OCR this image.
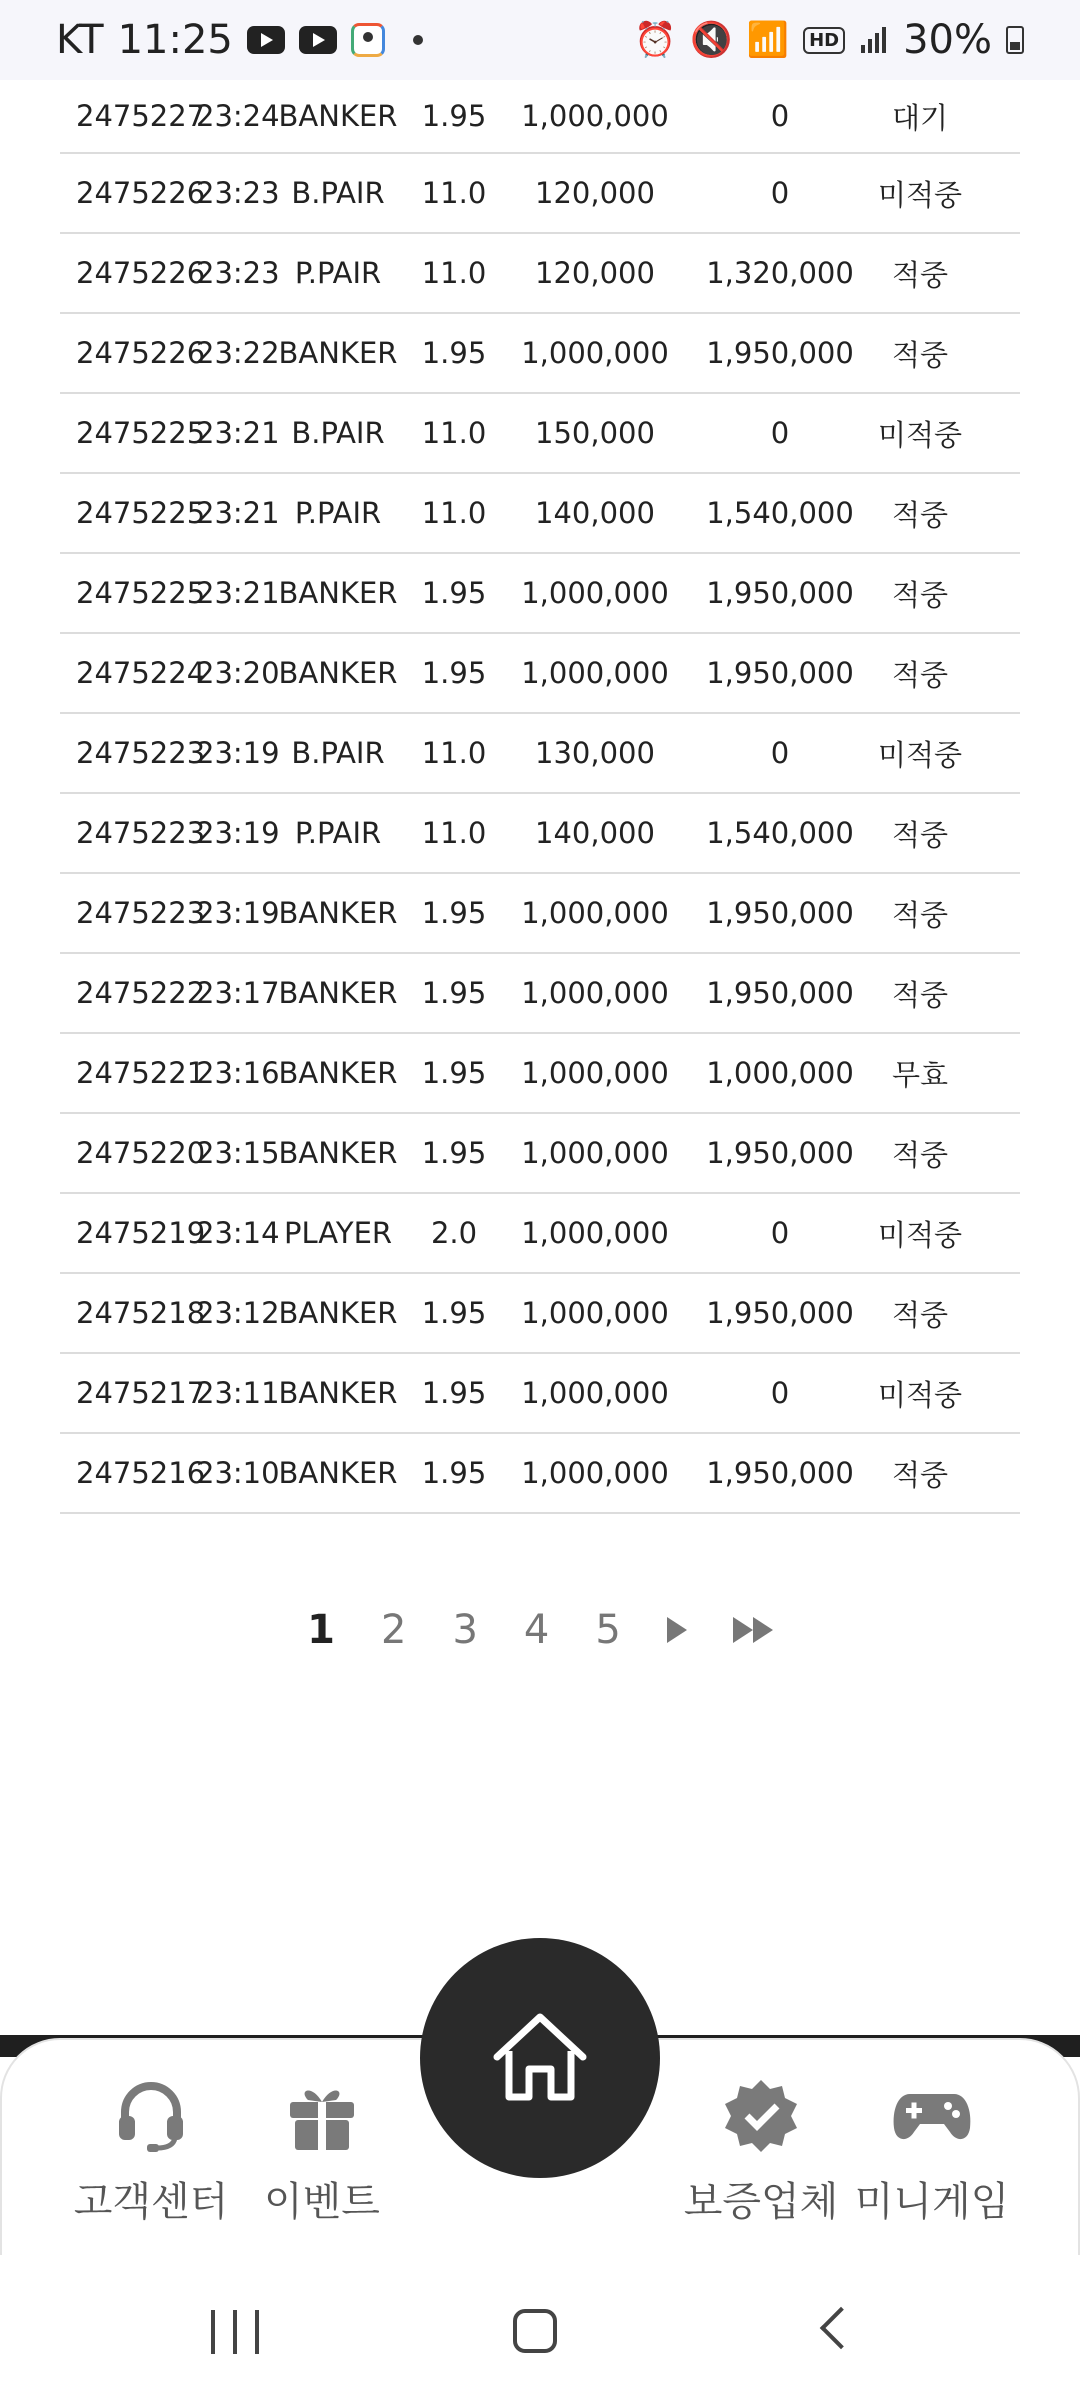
KT 11:25	⏰ 🔇 📶	HD 30%
2475227
23:24
BANKER 1.95	1,000,000	0	대기
2475226
23:23 B.PAIR	11.0	120,000	0	미적중
2475226
23:23 P.PAIR	11.0	120,000	1,320,000	적중
2475226
23:22
BANKER 1.95	1,000,000	1,950,000	적중
2475225
23:21 B.PAIR	11.0	150,000	0	미적중
2475225
23:21 P.PAIR	11.0	140,000	1,540,000	적중
2475225
23:21
BANKER 1.95	1,000,000	1,950,000	적중
2475224
23:20
BANKER 1.95	1,000,000	1,950,000	적중
2475223
23:19 B.PAIR	11.0	130,000	0	미적중
2475223
23:19 P.PAIR	11.0	140,000	1,540,000	적중
2475223
23:19
BANKER 1.95	1,000,000	1,950,000	적중
2475222
23:17
BANKER 1.95	1,000,000	1,950,000	적중
2475221
23:16
BANKER 1.95	1,000,000	1,000,000	무효
2475220
23:15
BANKER 1.95	1,000,000	1,950,000	적중
2475219
23:14 PLAYER	2.0	1,000,000	0	미적중
2475218
23:12
BANKER 1.95	1,000,000	1,950,000	적중
2475217
23:11
BANKER 1.95	1,000,000	0	미적중
2475216
23:10
BANKER 1.95	1,000,000	1,950,000	적중
1 2 3 4 5
고객센터 이벤트	보증업체 미니게임
